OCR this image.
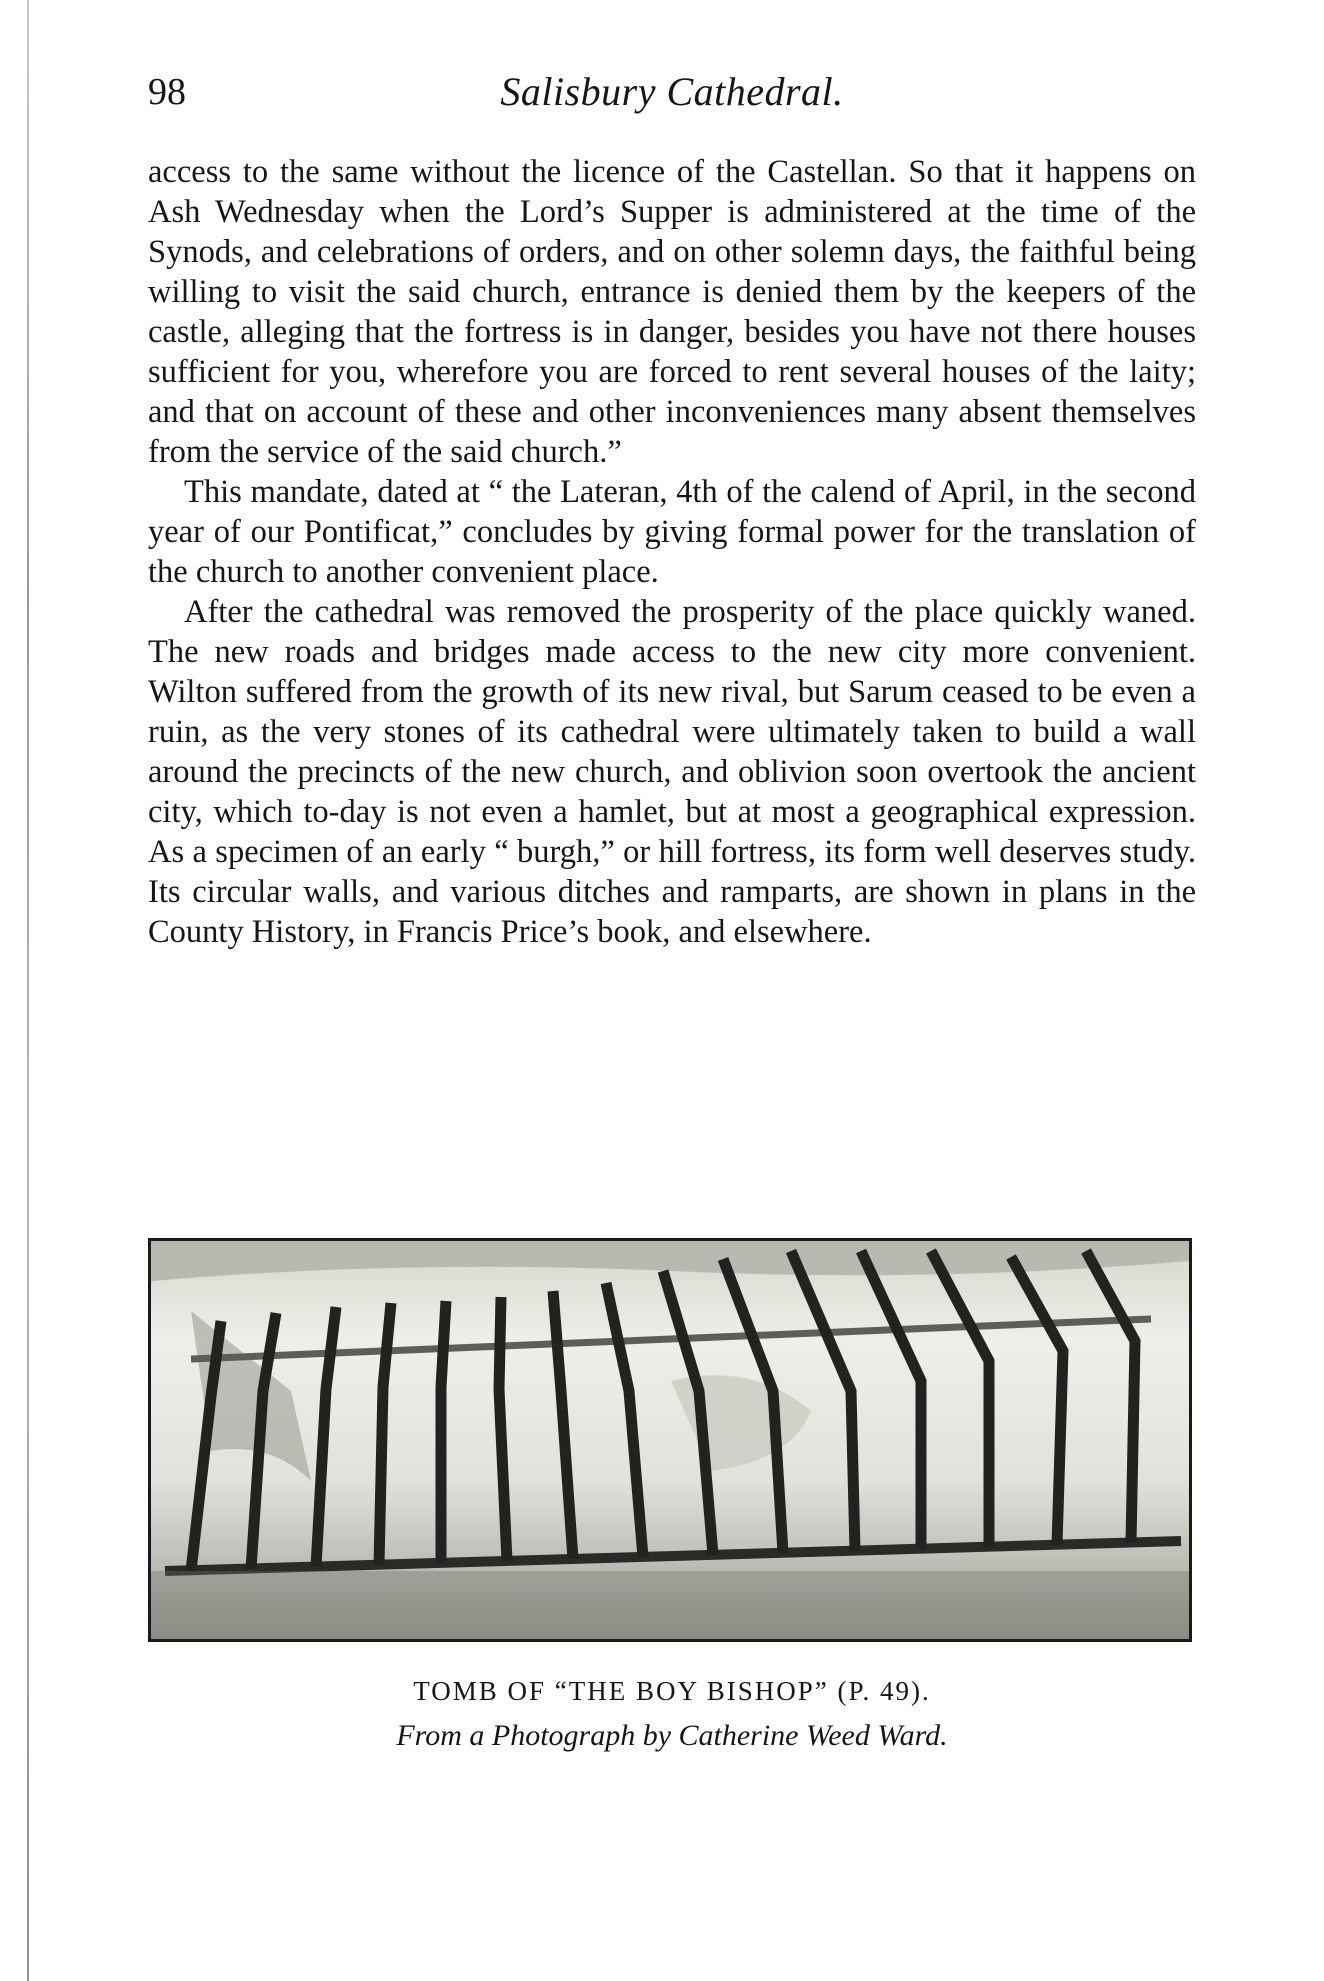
98	Salisbury Cathedral.

access to the same without the licence of the Castellan. So that it happens on Ash Wednesday when the Lord’s Supper is administered at the time of the Synods, and celebrations of orders, and on other solemn days, the faithful being willing to visit the said church, entrance is denied them by the keepers of the castle, alleging that the fortress is in danger, besides you have not there houses sufficient for you, wherefore you are forced to rent several houses of the laity; and that on account of these and other inconveniences many absent themselves from the service of the said church.”

This mandate, dated at “ the Lateran, 4th of the calend of April, in the second year of our Pontificat,” concludes by giving formal power for the translation of the church to another convenient place.

After the cathedral was removed the prosperity of the place quickly waned. The new roads and bridges made access to the new city more convenient. Wilton suffered from the growth of its new rival, but Sarum ceased to be even a ruin, as the very stones of its cathedral were ultimately taken to build a wall around the precincts of the new church, and oblivion soon overtook the ancient city, which to-day is not even a hamlet, but at most a geographical expression. As a specimen of an early “ burgh,” or hill fortress, its form well deserves study. Its circular walls, and various ditches and ramparts, are shown in plans in the County History, in Francis Price’s book, and elsewhere.

TOMB OF “THE BOY BISHOP” (P. 49).
From a Photograph by Catherine Weed Ward.
